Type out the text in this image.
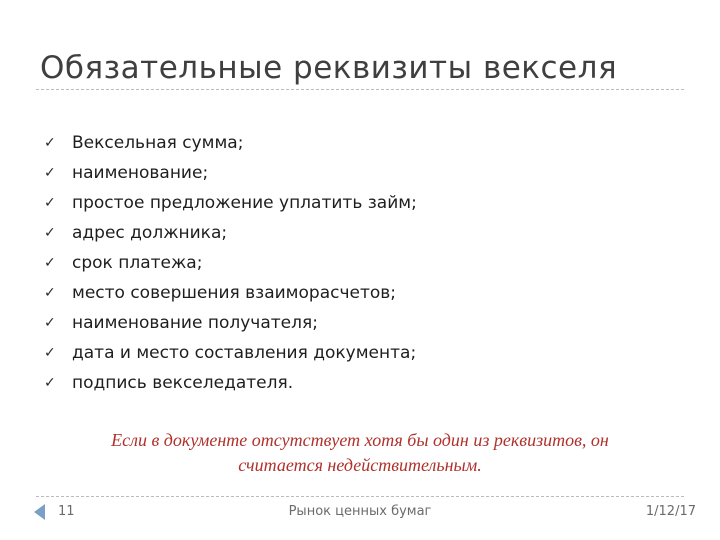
Обязательные реквизиты векселя
✓ Вексельная сумма;
✓ наименование;
✓ простое предложение уплатить займ;
✓ адрес должника;
✓ срок платежа;
✓ место совершения взаиморасчетов;
✓ наименование получателя;
✓ дата и место составления документа;
✓ подпись векселедателя.
Если в документе отсутствует хотя бы один из реквизитов, он
считается недействительным.
11	Рынок ценных бумаг	1/12/17
